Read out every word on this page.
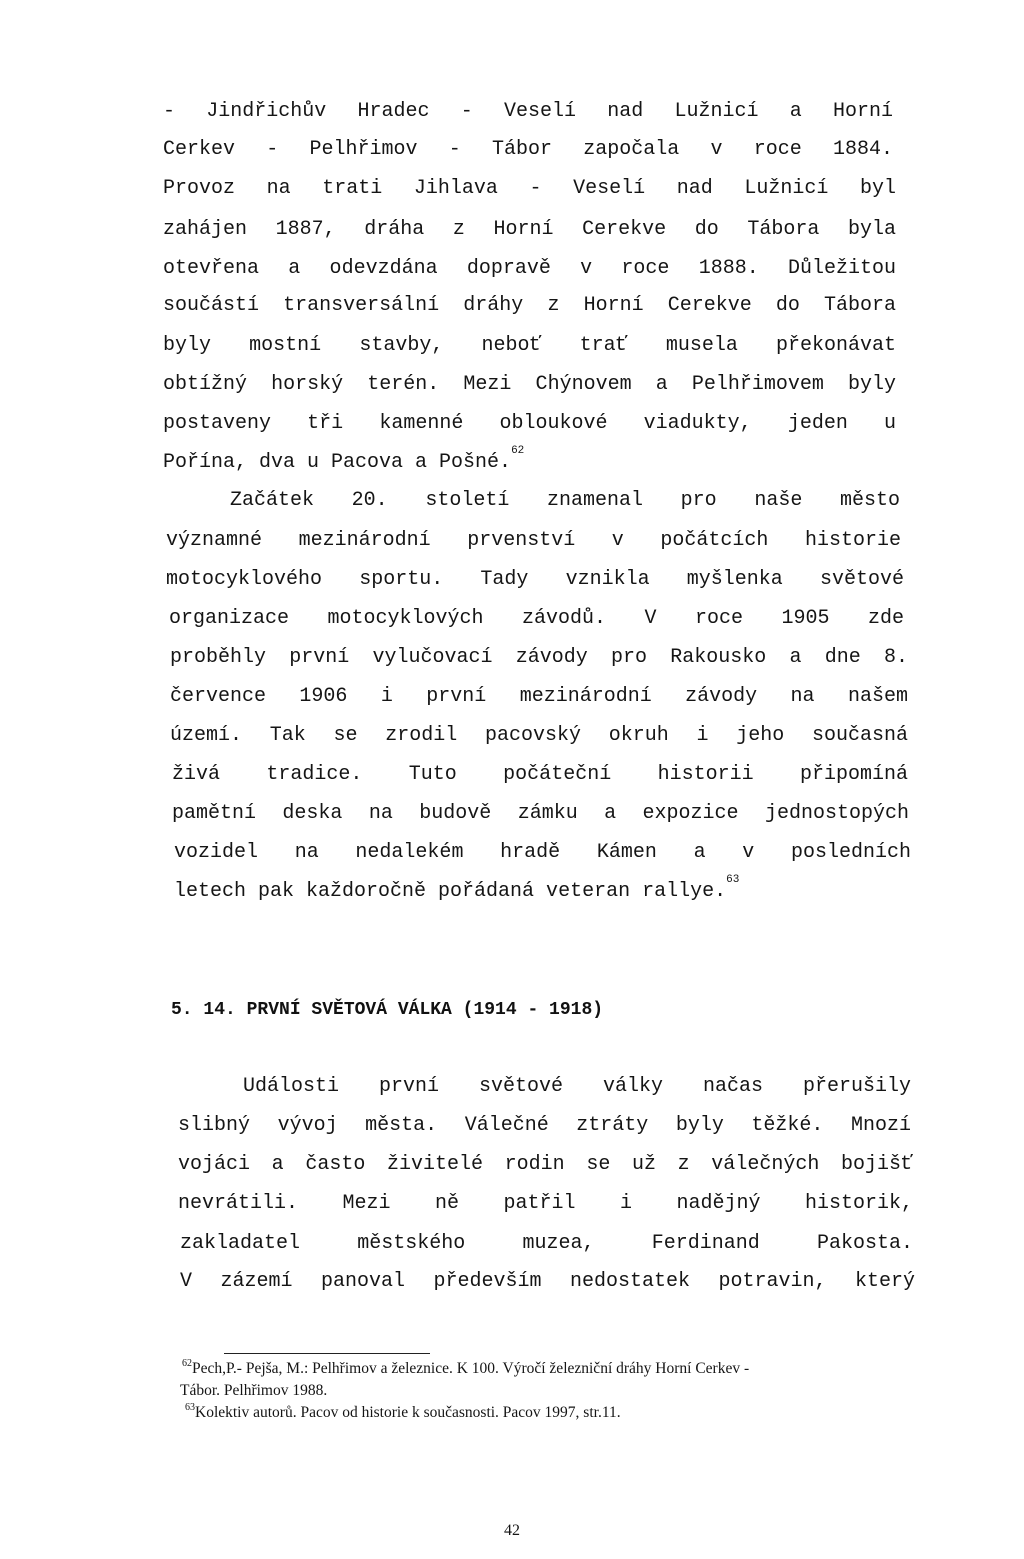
- Jindřichův Hradec - Veselí nad Lužnicí a Horní
Cerkev - Pelhřimov - Tábor započala v roce 1884.
Provoz na trati Jihlava - Veselí nad Lužnicí byl
zahájen 1887, dráha z Horní Cerekve do Tábora byla
otevřena a odevzdána dopravě v roce 1888. Důležitou
součástí transversální dráhy z Horní Cerekve do Tábora
byly mostní stavby, neboť trať musela překonávat
obtížný horský terén. Mezi Chýnovem a Pelhřimovem byly
postaveny tři kamenné obloukové viadukty, jeden u
Pořína, dva u Pacova a Pošné. 62
Začátek 20. století znamenal pro naše město
významné mezinárodní prvenství v počátcích historie
motocyklového sportu. Tady vznikla myšlenka světové
organizace motocyklových závodů. V roce 1905 zde
proběhly první vylučovací závody pro Rakousko a dne 8.
července 1906 i první mezinárodní závody na našem
území. Tak se zrodil pacovský okruh i jeho současná
živá tradice. Tuto počáteční historii připomíná
pamětní deska na budově zámku a expozice jednostopých
vozidel na nedalekém hradě Kámen a v posledních
letech pak každoročně pořádaná veteran rallye. 63
5. 14. PRVNÍ SVĚTOVÁ VÁLKA (1914 - 1918)
Události první světové války načas přerušily
slibný vývoj města. Válečné ztráty byly těžké. Mnozí
vojáci a často živitelé rodin se už z válečných bojišť
nevrátili. Mezi ně patřil i nadějný historik,
zakladatel městského muzea, Ferdinand Pakosta.
V zázemí panoval především nedostatek potravin, který
$^{62}$Pech,P.- Pejša, M.: Pelhřimov a železnice. K 100. Výročí železniční dráhy Horní Cerkev -
Tábor. Pelhřimov 1988.
$^{63}$Kolektiv autorů. Pacov od historie k současnosti. Pacov 1997, str.11.
42
